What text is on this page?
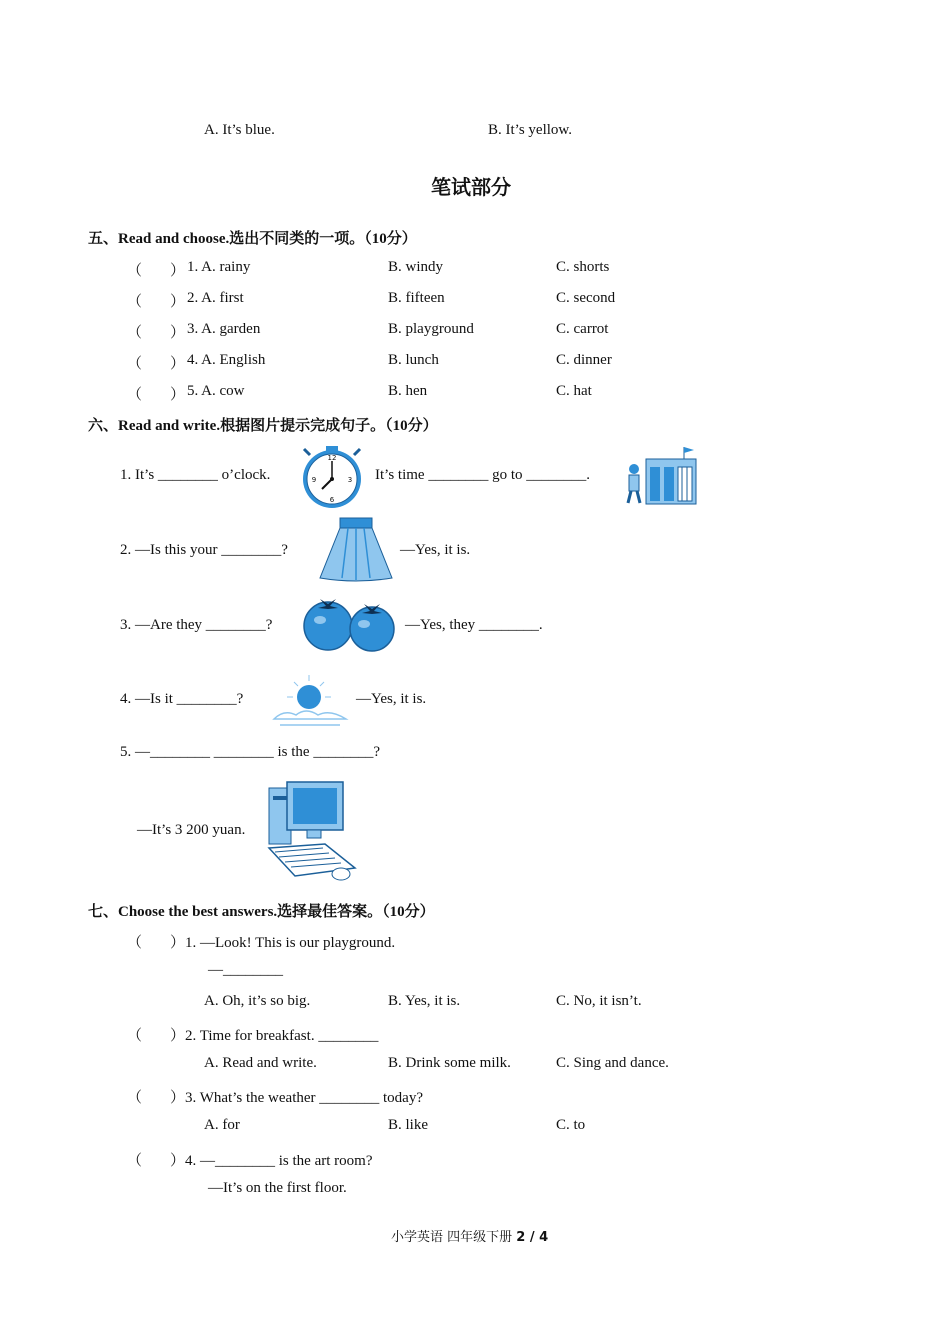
A. It’s blue.	B. It’s yellow.
笔试部分
五、Read and choose.选出不同类的一项。（10分）
（ ） 1. A. rainy	B. windy	C. shorts
（ ） 2. A. first	B. fifteen	C. second
（ ） 3. A. garden	B. playground	C. carrot
（ ） 4. A. English	B. lunch	C. dinner
（ ） 5. A. cow	B. hen	C. hat
六、Read and write.根据图片提示完成句子。（10分）
1. It’s ________ o’clock.
12
3
6
9	It’s time ________ go to ________.
2. —Is this your ________?	—Yes, it is.
3. —Are they ________?	—Yes, they ________.
4. —Is it ________?	—Yes, it is.
5. —________ ________ is the ________?
—It’s 3 200 yuan.
七、Choose the best answers.选择最佳答案。（10分）
（ ）1. —Look! This is our playground.
—________
A. Oh, it’s so big.	B. Yes, it is.	C. No, it isn’t.
（ ）2. Time for breakfast. ________
A. Read and write.	B. Drink some milk.	C. Sing and dance.
（ ）3. What’s the weather ________ today?
A. for	B. like	C. to
（ ）4. —________ is the art room?
—It’s on the first floor.
小学英语 四年级下册 2 / 4
